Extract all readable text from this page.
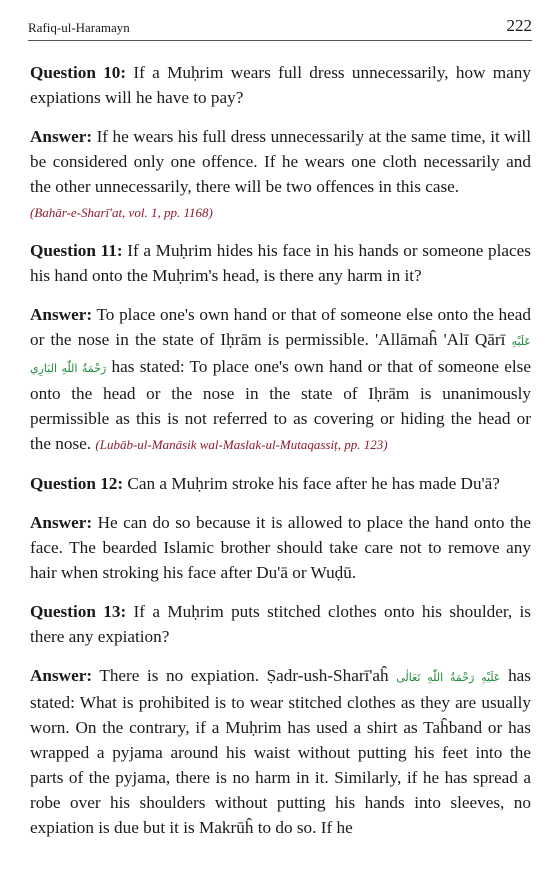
Rafiq-ul-Haramayn	222

Question 10: If a Muḥrim wears full dress unnecessarily, how many expiations will he have to pay?

Answer: If he wears his full dress unnecessarily at the same time, it will be considered only one offence. If he wears one cloth necessarily and the other unnecessarily, there will be two offences in this case.
(Bahār-e-Sharī'at, vol. 1, pp. 1168)

Question 11: If a Muḥrim hides his face in his hands or someone places his hand onto the Muḥrim's head, is there any harm in it?

Answer: To place one's own hand or that of someone else onto the head or the nose in the state of Iḥrām is permissible. 'Allāmaĥ 'Alī Qārī عَلَيْهِ رَحْمَةُ اللّٰهِ البَارِي has stated: To place one's own hand or that of someone else onto the head or the nose in the state of Iḥrām is unanimously permissible as this is not referred to as covering or hiding the head or the nose. (Lubāb-ul-Manāsik wal-Maslak-ul-Mutaqassiṭ, pp. 123)

Question 12: Can a Muḥrim stroke his face after he has made Du'ā?

Answer: He can do so because it is allowed to place the hand onto the face. The bearded Islamic brother should take care not to remove any hair when stroking his face after Du'ā or Wuḍū.

Question 13: If a Muḥrim puts stitched clothes onto his shoulder, is there any expiation?

Answer: There is no expiation. Ṣadr-ush-Sharī'aĥ عَلَيْهِ رَحْمَةُ اللّٰهِ تَعَالٰى has stated: What is prohibited is to wear stitched clothes as they are usually worn. On the contrary, if a Muḥrim has used a shirt as Taĥband or has wrapped a pyjama around his waist without putting his feet into the parts of the pyjama, there is no harm in it. Similarly, if he has spread a robe over his shoulders without putting his hands into sleeves, no expiation is due but it is Makrūĥ to do so. If he
